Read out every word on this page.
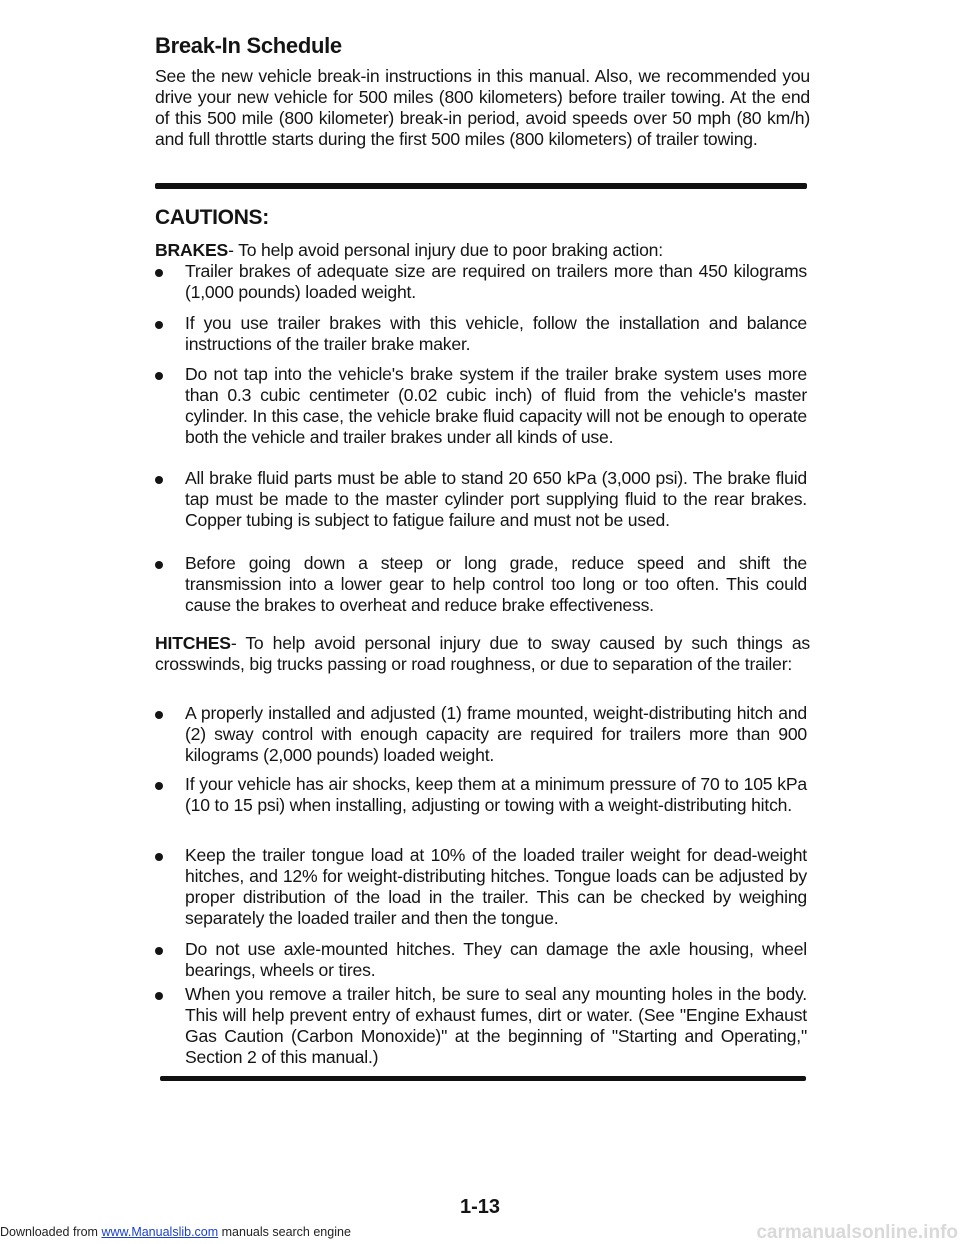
Break-In Schedule
See the new vehicle break-in instructions in this manual. Also, we recommended you drive your new vehicle for 500 miles (800 kilometers) before trailer towing. At the end of this 500 mile (800 kilometer) break-in period, avoid speeds over 50 mph (80 km/h) and full throttle starts during the first 500 miles (800 kilometers) of trailer towing.
CAUTIONS:
BRAKES- To help avoid personal injury due to poor braking action:
Trailer brakes of adequate size are required on trailers more than 450 kilograms (1,000 pounds) loaded weight.
If you use trailer brakes with this vehicle, follow the installation and balance instructions of the trailer brake maker.
Do not tap into the vehicle's brake system if the trailer brake system uses more than 0.3 cubic centimeter (0.02 cubic inch) of fluid from the vehicle's master cylinder. In this case, the vehicle brake fluid capacity will not be enough to operate both the vehicle and trailer brakes under all kinds of use.
All brake fluid parts must be able to stand 20 650 kPa (3,000 psi). The brake fluid tap must be made to the master cylinder port supplying fluid to the rear brakes. Copper tubing is subject to fatigue failure and must not be used.
Before going down a steep or long grade, reduce speed and shift the transmission into a lower gear to help control too long or too often. This could cause the brakes to overheat and reduce brake effectiveness.
HITCHES- To help avoid personal injury due to sway caused by such things as crosswinds, big trucks passing or road roughness, or due to separation of the trailer:
A properly installed and adjusted (1) frame mounted, weight-distributing hitch and (2) sway control with enough capacity are required for trailers more than 900 kilograms (2,000 pounds) loaded weight.
If your vehicle has air shocks, keep them at a minimum pressure of 70 to 105 kPa (10 to 15 psi) when installing, adjusting or towing with a weight-distributing hitch.
Keep the trailer tongue load at 10% of the loaded trailer weight for dead-weight hitches, and 12% for weight-distributing hitches. Tongue loads can be adjusted by proper distribution of the load in the trailer. This can be checked by weighing separately the loaded trailer and then the tongue.
Do not use axle-mounted hitches. They can damage the axle housing, wheel bearings, wheels or tires.
When you remove a trailer hitch, be sure to seal any mounting holes in the body. This will help prevent entry of exhaust fumes, dirt or water. (See "Engine Exhaust Gas Caution (Carbon Monoxide)" at the beginning of "Starting and Operating," Section 2 of this manual.)
1-13
Downloaded from www.Manualslib.com manuals search engine	carmanualsonline.info
